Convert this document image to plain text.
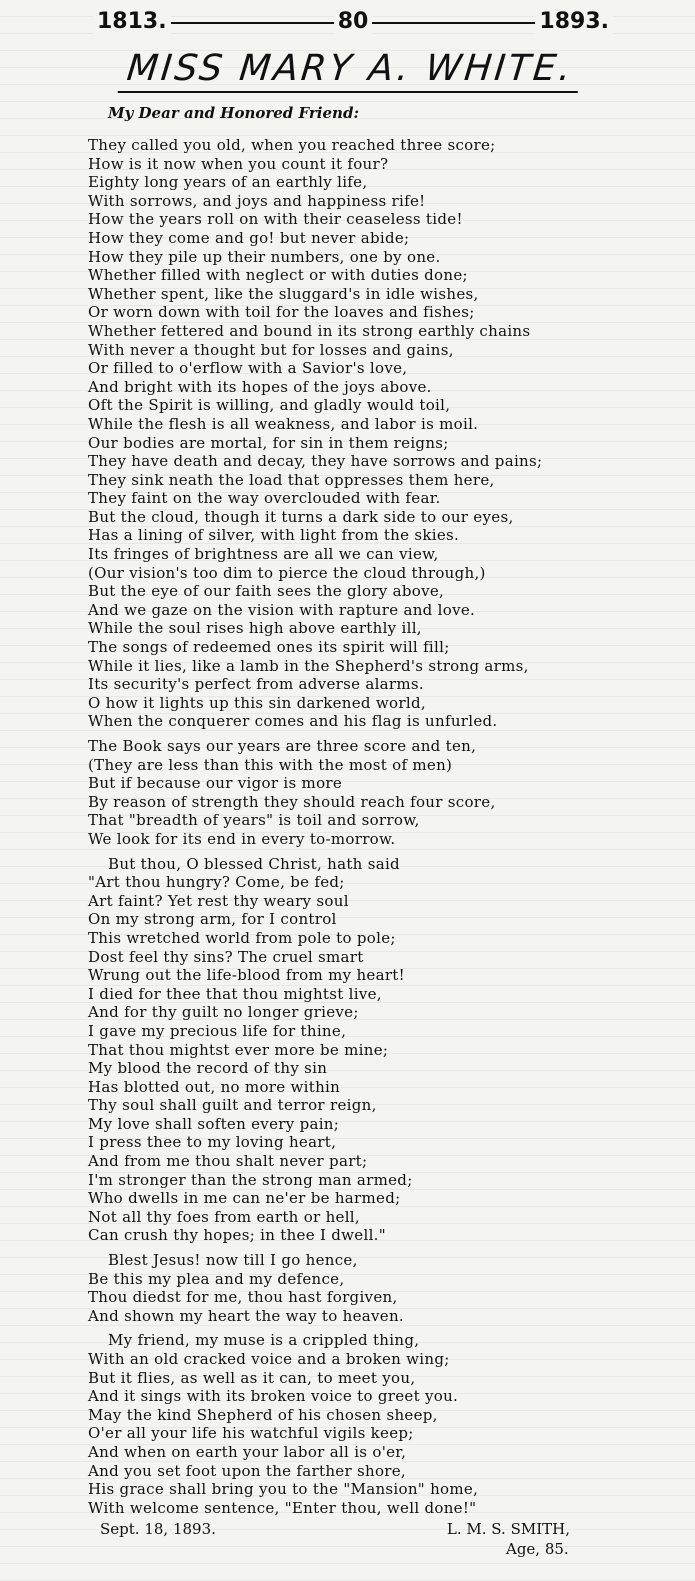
1813.	80	1893.
MISS MARY A. WHITE.
My Dear and Honored Friend:
They called you old, when you reached three score;
How is it now when you count it four?
Eighty long years of an earthly life,
With sorrows, and joys and happiness rife!
How the years roll on with their ceaseless tide!
How they come and go! but never abide;
How they pile up their numbers, one by one.
Whether filled with neglect or with duties done;
Whether spent, like the sluggard's in idle wishes,
Or worn down with toil for the loaves and fishes;
Whether fettered and bound in its strong earthly chains
With never a thought but for losses and gains,
Or filled to o'erflow with a Savior's love,
And bright with its hopes of the joys above.
Oft the Spirit is willing, and gladly would toil,
While the flesh is all weakness, and labor is moil.
Our bodies are mortal, for sin in them reigns;
They have death and decay, they have sorrows and pains;
They sink neath the load that oppresses them here,
They faint on the way overclouded with fear.
But the cloud, though it turns a dark side to our eyes,
Has a lining of silver, with light from the skies.
Its fringes of brightness are all we can view,
(Our vision's too dim to pierce the cloud through,)
But the eye of our faith sees the glory above,
And we gaze on the vision with rapture and love.
While the soul rises high above earthly ill,
The songs of redeemed ones its spirit will fill;
While it lies, like a lamb in the Shepherd's strong arms,
Its security's perfect from adverse alarms.
O how it lights up this sin darkened world,
When the conquerer comes and his flag is unfurled.
The Book says our years are three score and ten,
(They are less than this with the most of men)
But if because our vigor is more
By reason of strength they should reach four score,
That "breadth of years" is toil and sorrow,
We look for its end in every to-morrow.
But thou, O blessed Christ, hath said
"Art thou hungry? Come, be fed;
Art faint? Yet rest thy weary soul
On my strong arm, for I control
This wretched world from pole to pole;
Dost feel thy sins? The cruel smart
Wrung out the life-blood from my heart!
I died for thee that thou mightst live,
And for thy guilt no longer grieve;
I gave my precious life for thine,
That thou mightst ever more be mine;
My blood the record of thy sin
Has blotted out, no more within
Thy soul shall guilt and terror reign,
My love shall soften every pain;
I press thee to my loving heart,
And from me thou shalt never part;
I'm stronger than the strong man armed;
Who dwells in me can ne'er be harmed;
Not all thy foes from earth or hell,
Can crush thy hopes; in thee I dwell."
Blest Jesus! now till I go hence,
Be this my plea and my defence,
Thou diedst for me, thou hast forgiven,
And shown my heart the way to heaven.
My friend, my muse is a crippled thing,
With an old cracked voice and a broken wing;
But it flies, as well as it can, to meet you,
And it sings with its broken voice to greet you.
May the kind Shepherd of his chosen sheep,
O'er all your life his watchful vigils keep;
And when on earth your labor all is o'er,
And you set foot upon the farther shore,
His grace shall bring you to the "Mansion" home,
With welcome sentence, "Enter thou, well done!"
Sept. 18, 1893.	L. M. S. SMITH,
Age, 85.
